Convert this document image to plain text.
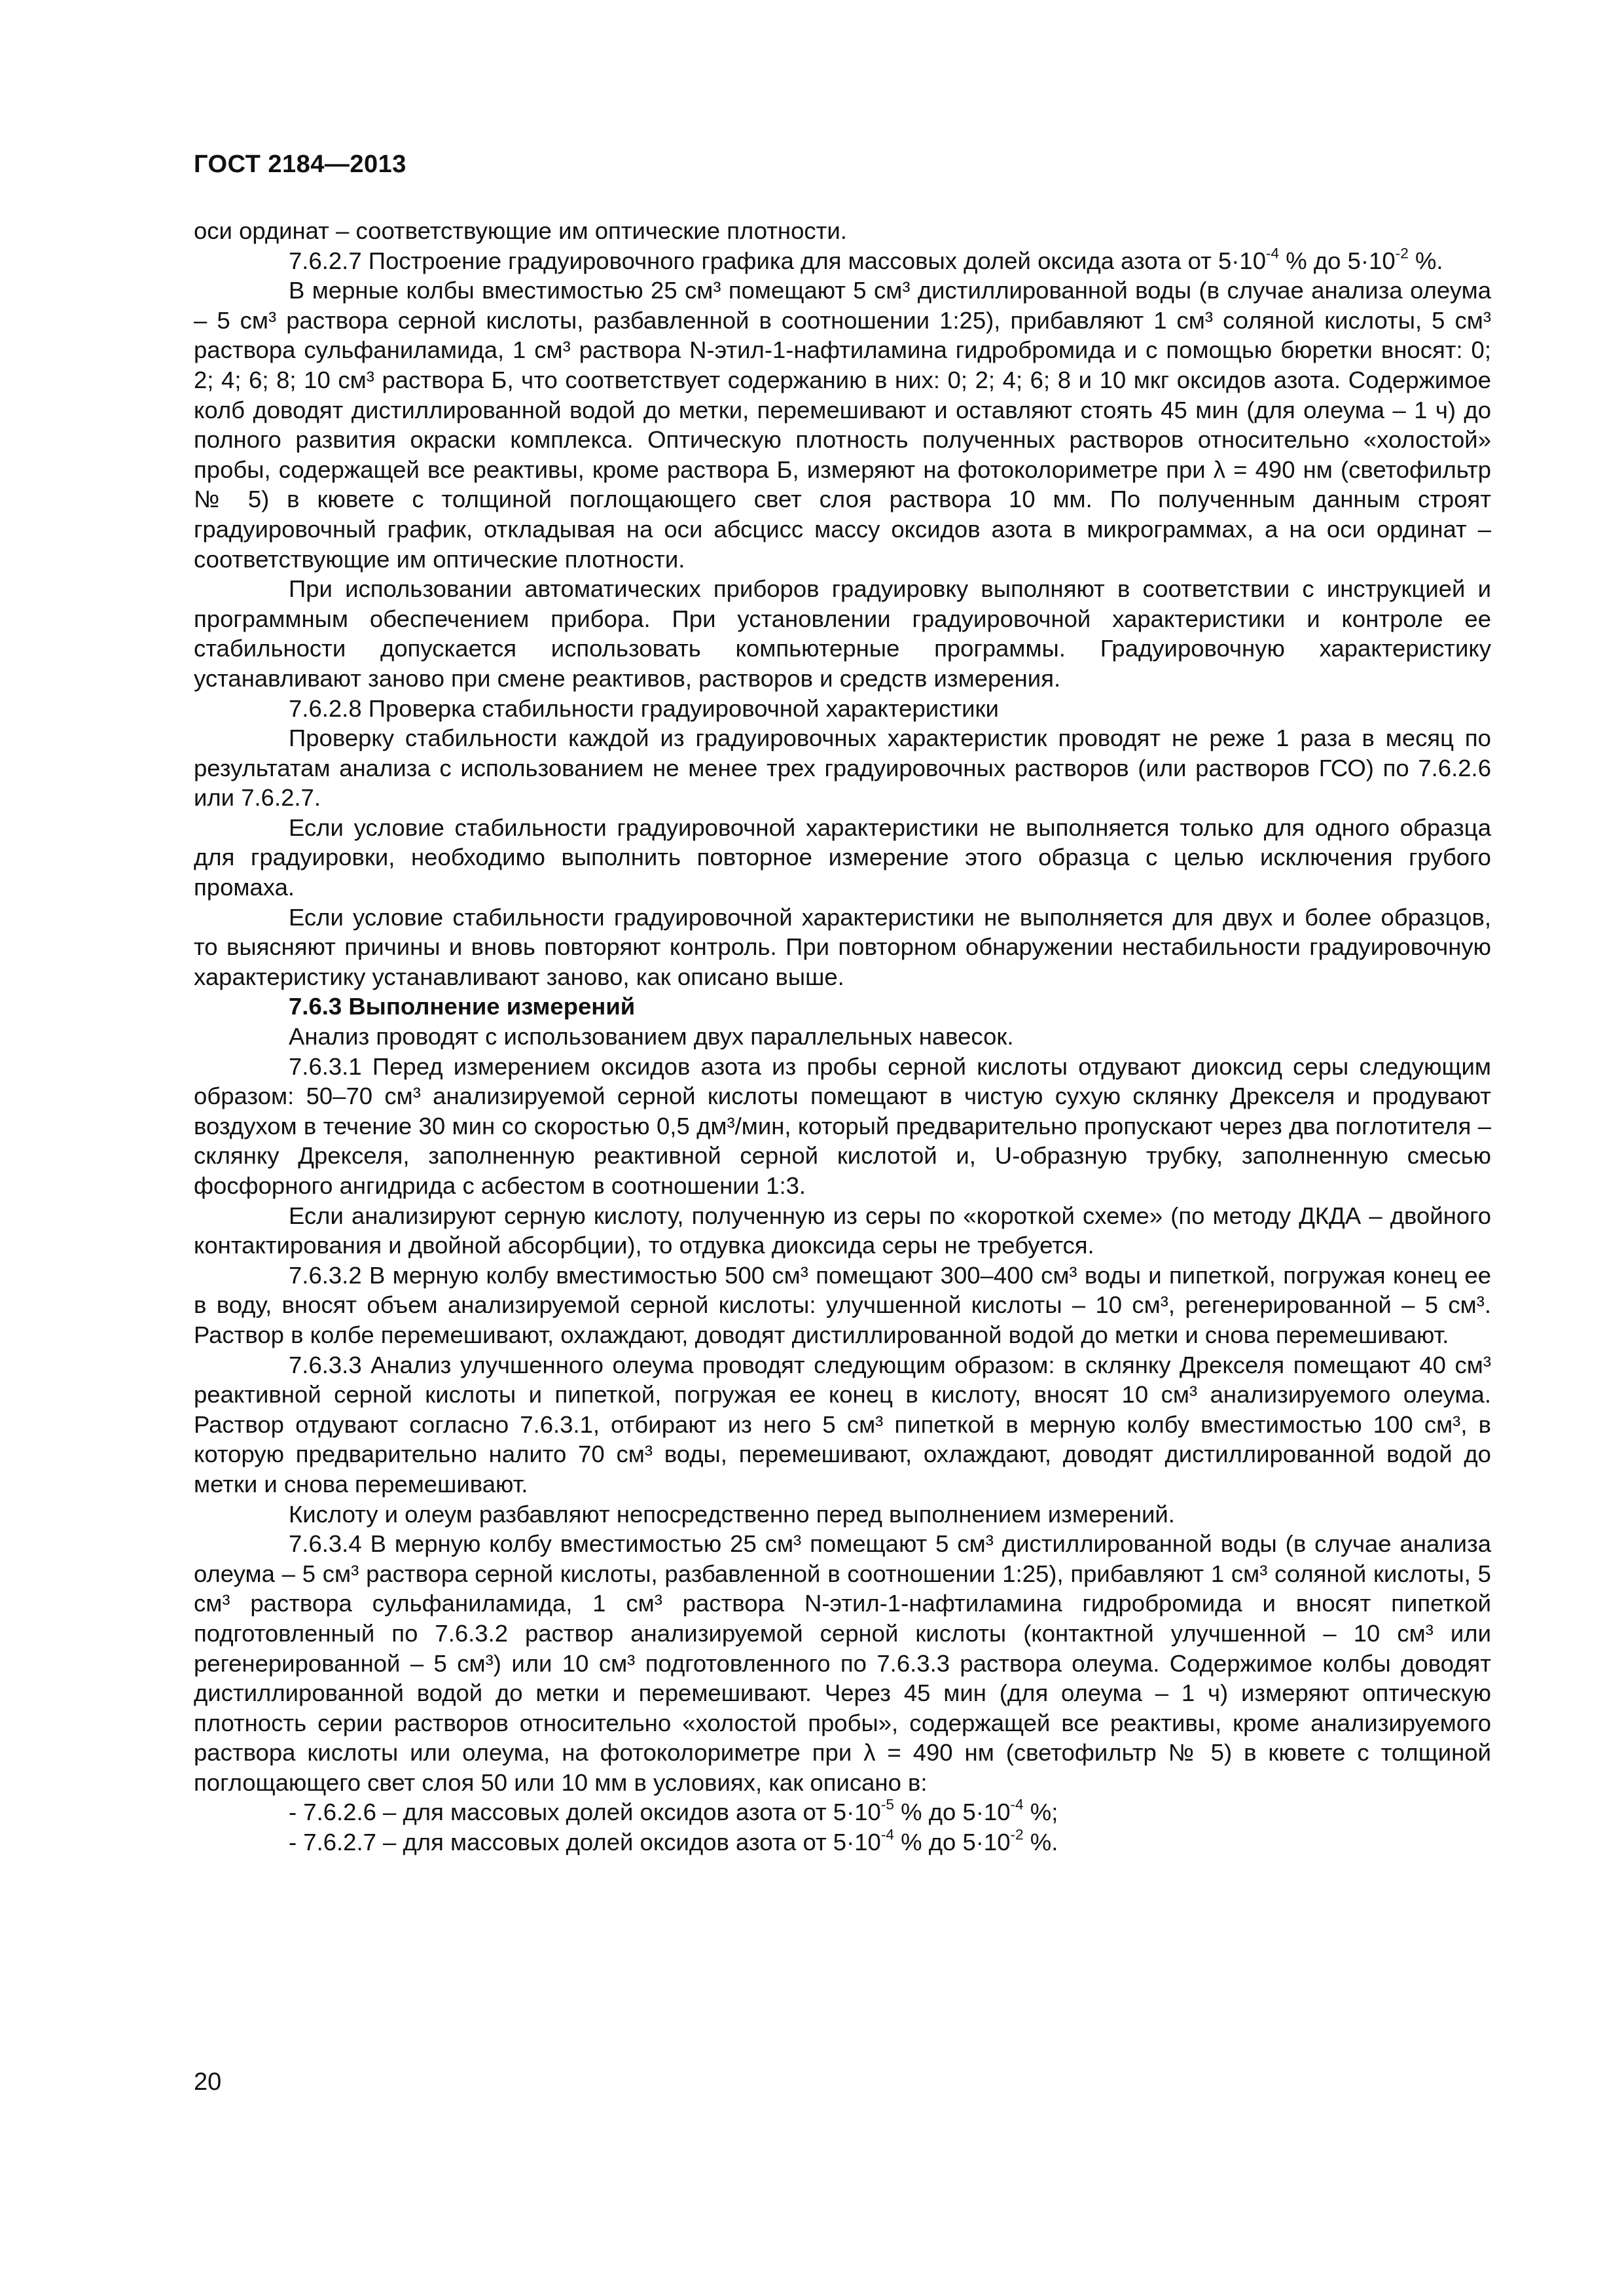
ГОСТ 2184—2013

оси ординат – соответствующие им оптические плотности.

7.6.2.7 Построение градуировочного графика для массовых долей оксида азота от $5\cdot 10^{-4}$ % до $5\cdot 10^{-2}$ %.

В мерные колбы вместимостью 25 см³ помещают 5 см³ дистиллированной воды (в случае анализа олеума – 5 см³ раствора серной кислоты, разбавленной в соотношении 1:25), прибавляют 1 см³ соляной кислоты, 5 см³ раствора сульфаниламида, 1 см³ раствора N-этил-1-нафтиламина гидробромида и с помощью бюретки вносят: 0; 2; 4; 6; 8; 10 см³ раствора Б, что соответствует содержанию в них: 0; 2; 4; 6; 8 и 10 мкг оксидов азота. Содержимое колб доводят дистиллированной водой до метки, перемешивают и оставляют стоять 45 мин (для олеума – 1 ч) до полного развития окраски комплекса. Оптическую плотность полученных растворов относительно «холостой» пробы, содержащей все реактивы, кроме раствора Б, измеряют на фотоколориметре при λ = 490 нм (светофильтр № 5) в кювете с толщиной поглощающего свет слоя раствора 10 мм. По полученным данным строят градуировочный график, откладывая на оси абсцисс массу оксидов азота в микрограммах, а на оси ординат – соответствующие им оптические плотности.

При использовании автоматических приборов градуировку выполняют в соответствии с инструкцией и программным обеспечением прибора. При установлении градуировочной характеристики и контроле ее стабильности допускается использовать компьютерные программы. Градуировочную характеристику устанавливают заново при смене реактивов, растворов и средств измерения.

7.6.2.8 Проверка стабильности градуировочной характеристики

Проверку стабильности каждой из градуировочных характеристик проводят не реже 1 раза в месяц по результатам анализа с использованием не менее трех градуировочных растворов (или растворов ГСО) по 7.6.2.6 или 7.6.2.7.

Если условие стабильности градуировочной характеристики не выполняется только для одного образца для градуировки, необходимо выполнить повторное измерение этого образца с целью исключения грубого промаха.

Если условие стабильности градуировочной характеристики не выполняется для двух и более образцов, то выясняют причины и вновь повторяют контроль. При повторном обнаружении нестабильности градуировочную характеристику устанавливают заново, как описано выше.

7.6.3 Выполнение измерений

Анализ проводят с использованием двух параллельных навесок.

7.6.3.1 Перед измерением оксидов азота из пробы серной кислоты отдувают диоксид серы следующим образом: 50–70 см³ анализируемой серной кислоты помещают в чистую сухую склянку Дрекселя и продувают воздухом в течение 30 мин со скоростью 0,5 дм³/мин, который предварительно пропускают через два поглотителя – склянку Дрекселя, заполненную реактивной серной кислотой и, U-образную трубку, заполненную смесью фосфорного ангидрида с асбестом в соотношении 1:3.

Если анализируют серную кислоту, полученную из серы по «короткой схеме» (по методу ДКДА – двойного контактирования и двойной абсорбции), то отдувка диоксида серы не требуется.

7.6.3.2 В мерную колбу вместимостью 500 см³ помещают 300–400 см³ воды и пипеткой, погружая конец ее в воду, вносят объем анализируемой серной кислоты: улучшенной кислоты – 10 см³, регенерированной – 5 см³. Раствор в колбе перемешивают, охлаждают, доводят дистиллированной водой до метки и снова перемешивают.

7.6.3.3 Анализ улучшенного олеума проводят следующим образом: в склянку Дрекселя помещают 40 см³ реактивной серной кислоты и пипеткой, погружая ее конец в кислоту, вносят 10 см³ анализируемого олеума. Раствор отдувают согласно 7.6.3.1, отбирают из него 5 см³ пипеткой в мерную колбу вместимостью 100 см³, в которую предварительно налито 70 см³ воды, перемешивают, охлаждают, доводят дистиллированной водой до метки и снова перемешивают.

Кислоту и олеум разбавляют непосредственно перед выполнением измерений.

7.6.3.4 В мерную колбу вместимостью 25 см³ помещают 5 см³ дистиллированной воды (в случае анализа олеума – 5 см³ раствора серной кислоты, разбавленной в соотношении 1:25), прибавляют 1 см³ соляной кислоты, 5 см³ раствора сульфаниламида, 1 см³ раствора N-этил-1-нафтиламина гидробромида и вносят пипеткой подготовленный по 7.6.3.2 раствор анализируемой серной кислоты (контактной улучшенной – 10 см³ или регенерированной – 5 см³) или 10 см³ подготовленного по 7.6.3.3 раствора олеума. Содержимое колбы доводят дистиллированной водой до метки и перемешивают. Через 45 мин (для олеума – 1 ч) измеряют оптическую плотность серии растворов относительно «холостой пробы», содержащей все реактивы, кроме анализируемого раствора кислоты или олеума, на фотоколориметре при λ = 490 нм (светофильтр № 5) в кювете с толщиной поглощающего свет слоя 50 или 10 мм в условиях, как описано в:

- 7.6.2.6 – для массовых долей оксидов азота от $5\cdot 10^{-5}$ % до $5\cdot 10^{-4}$ %;

- 7.6.2.7 – для массовых долей оксидов азота от $5\cdot 10^{-4}$ % до $5\cdot 10^{-2}$ %.

20
